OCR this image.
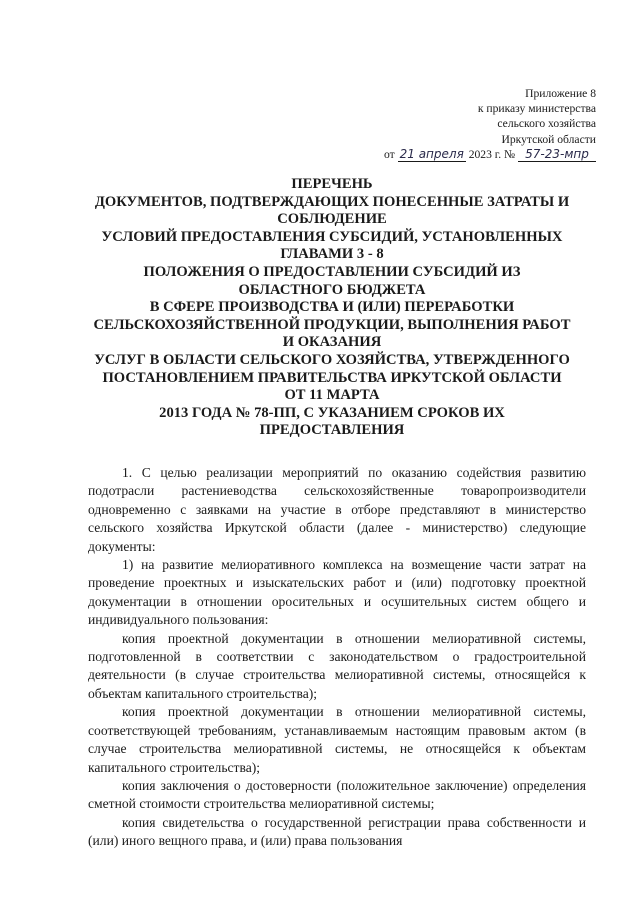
Приложение 8
к приказу министерства
сельского хозяйства
Иркутской области
от 21 апреля 2023 г. № 57-23-мпр
ПЕРЕЧЕНЬ
ДОКУМЕНТОВ, ПОДТВЕРЖДАЮЩИХ ПОНЕСЕННЫЕ ЗАТРАТЫ И
СОБЛЮДЕНИЕ
УСЛОВИЙ ПРЕДОСТАВЛЕНИЯ СУБСИДИЙ, УСТАНОВЛЕННЫХ
ГЛАВАМИ 3 - 8
ПОЛОЖЕНИЯ О ПРЕДОСТАВЛЕНИИ СУБСИДИЙ ИЗ
ОБЛАСТНОГО БЮДЖЕТА
В СФЕРЕ ПРОИЗВОДСТВА И (ИЛИ) ПЕРЕРАБОТКИ
СЕЛЬСКОХОЗЯЙСТВЕННОЙ ПРОДУКЦИИ, ВЫПОЛНЕНИЯ РАБОТ
И ОКАЗАНИЯ
УСЛУГ В ОБЛАСТИ СЕЛЬСКОГО ХОЗЯЙСТВА, УТВЕРЖДЕННОГО
ПОСТАНОВЛЕНИЕМ ПРАВИТЕЛЬСТВА ИРКУТСКОЙ ОБЛАСТИ
ОТ 11 МАРТА
2013 ГОДА № 78-ПП, С УКАЗАНИЕМ СРОКОВ ИХ
ПРЕДОСТАВЛЕНИЯ

1. С целью реализации мероприятий по оказанию содействия развитию подотрасли растениеводства сельскохозяйственные товаропроизводители одновременно с заявками на участие в отборе представляют в министерство сельского хозяйства Иркутской области (далее - министерство) следующие документы:

1) на развитие мелиоративного комплекса на возмещение части затрат на проведение проектных и изыскательских работ и (или) подготовку проектной документации в отношении оросительных и осушительных систем общего и индивидуального пользования:

копия проектной документации в отношении мелиоративной системы, подготовленной в соответствии с законодательством о градостроительной деятельности (в случае строительства мелиоративной системы, относящейся к объектам капитального строительства);

копия проектной документации в отношении мелиоративной системы, соответствующей требованиям, устанавливаемым настоящим правовым актом (в случае строительства мелиоративной системы, не относящейся к объектам капитального строительства);

копия заключения о достоверности (положительное заключение) определения сметной стоимости строительства мелиоративной системы;

копия свидетельства о государственной регистрации права собственности и (или) иного вещного права, и (или) права пользования
